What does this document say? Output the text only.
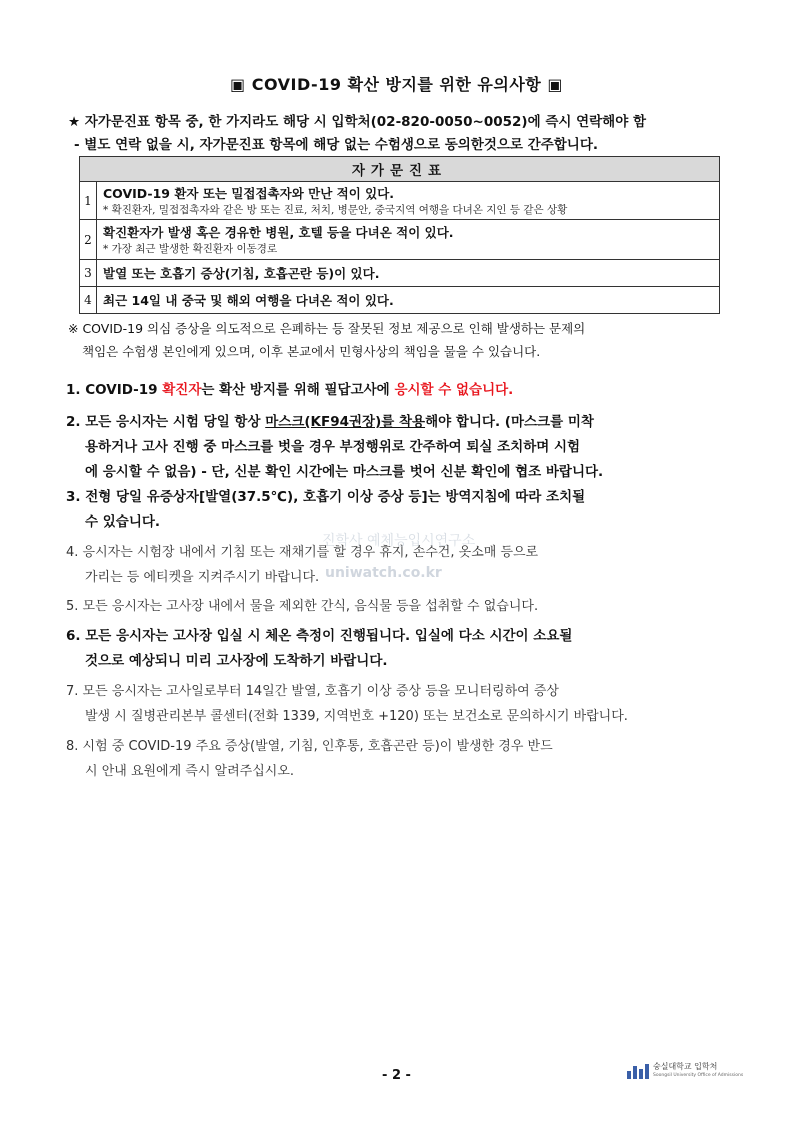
▣ COVID-19 확산 방지를 위한 유의사항 ▣
★ 자가문진표 항목 중, 한 가지라도 해당 시 입학처(02-820-0050~0052)에 즉시 연락해야 함
- 별도 연락 없을 시, 자가문진표 항목에 해당 없는 수험생으로 동의한것으로 간주합니다.
자가문진표	
1	COVID-19 환자 또는 밀접접촉자와 만난 적이 있다.
* 확진환자, 밀접접촉자와 같은 방 또는 진료, 처치, 병문안, 중국지역 여행을 다녀온 지인 등 같은 상황

2	확진환자가 발생 혹은 경유한 병원, 호텔 등을 다녀온 적이 있다.
* 가장 최근 발생한 확진환자 이동경로

3	발열 또는 호흡기 증상(기침, 호흡곤란 등)이 있다.

4	최근 14일 내 중국 및 해외 여행을 다녀온 적이 있다.
※ COVID-19 의심 증상을 의도적으로 은폐하는 등 잘못된 정보 제공으로 인해 발생하는 문제의
책임은 수험생 본인에게 있으며, 이후 본교에서 민형사상의 책임을 물을 수 있습니다.
1. COVID-19 확진자는 확산 방지를 위해 필답고사에 응시할 수 없습니다.
2. 모든 응시자는 시험 당일 항상 마스크(KF94권장)를 착용해야 합니다. (마스크를 미착
용하거나 고사 진행 중 마스크를 벗을 경우 부정행위로 간주하여 퇴실 조치하며 시험
에 응시할 수 없음) - 단, 신분 확인 시간에는 마스크를 벗어 신분 확인에 협조 바랍니다.
3. 전형 당일 유증상자[발열(37.5℃), 호흡기 이상 증상 등]는 방역지침에 따라 조치될
수 있습니다.
4. 응시자는 시험장 내에서 기침 또는 재채기를 할 경우 휴지, 손수건, 옷소매 등으로
가리는 등 에티켓을 지켜주시기 바랍니다.
5. 모든 응시자는 고사장 내에서 물을 제외한 간식, 음식물 등을 섭취할 수 없습니다.
6. 모든 응시자는 고사장 입실 시 체온 측정이 진행됩니다. 입실에 다소 시간이 소요될
것으로 예상되니 미리 고사장에 도착하기 바랍니다.
7. 모든 응시자는 고사일로부터 14일간 발열, 호흡기 이상 증상 등을 모니터링하여 증상
발생 시 질병관리본부 콜센터(전화 1339, 지역번호 +120) 또는 보건소로 문의하시기 바랍니다.
8. 시험 중 COVID-19 주요 증상(발열, 기침, 인후통, 호흡곤란 등)이 발생한 경우 반드
시 안내 요원에게 즉시 알려주십시오.
진학사 예체능입시연구소
uniwatch.co.kr
- 2 -
숭실대학교 입학처
Soongsil University Office of Admissions
